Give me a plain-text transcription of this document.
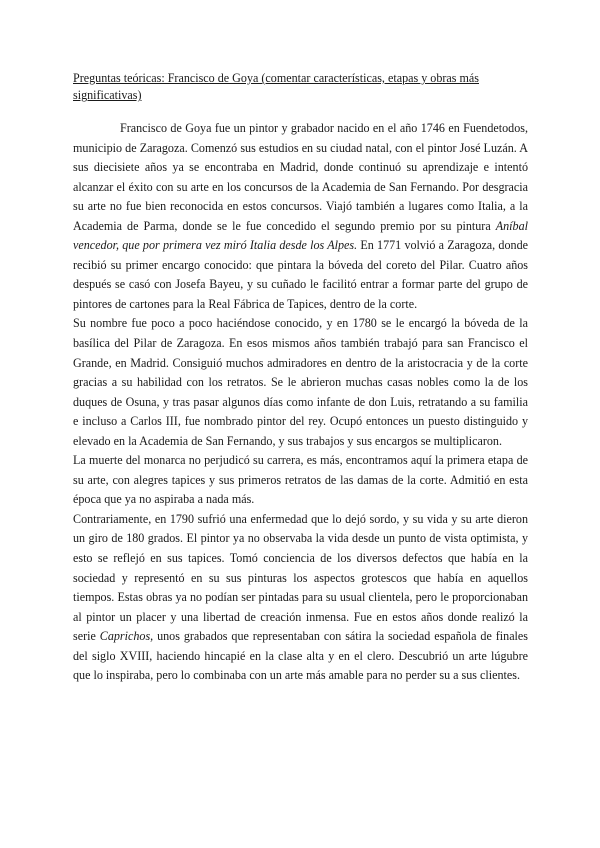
Preguntas teóricas: Francisco de Goya (comentar características, etapas y obras más significativas)

Francisco de Goya fue un pintor y grabador nacido en el año 1746 en Fuendetodos, municipio de Zaragoza. Comenzó sus estudios en su ciudad natal, con el pintor José Luzán. A sus diecisiete años ya se encontraba en Madrid, donde continuó su aprendizaje e intentó alcanzar el éxito con su arte en los concursos de la Academia de San Fernando. Por desgracia su arte no fue bien reconocida en estos concursos. Viajó también a lugares como Italia, a la Academia de Parma, donde se le fue concedido el segundo premio por su pintura Aníbal vencedor, que por primera vez miró Italia desde los Alpes. En 1771 volvió a Zaragoza, donde recibió su primer encargo conocido: que pintara la bóveda del coreto del Pilar. Cuatro años después se casó con Josefa Bayeu, y su cuñado le facilitó entrar a formar parte del grupo de pintores de cartones para la Real Fábrica de Tapices, dentro de la corte.

Su nombre fue poco a poco haciéndose conocido, y en 1780 se le encargó la bóveda de la basílica del Pilar de Zaragoza. En esos mismos años también trabajó para san Francisco el Grande, en Madrid. Consiguió muchos admiradores en dentro de la aristocracia y de la corte gracias a su habilidad con los retratos. Se le abrieron muchas casas nobles como la de los duques de Osuna, y tras pasar algunos días como infante de don Luis, retratando a su familia e incluso a Carlos III, fue nombrado pintor del rey. Ocupó entonces un puesto distinguido y elevado en la Academia de San Fernando, y sus trabajos y sus encargos se multiplicaron.

La muerte del monarca no perjudicó su carrera, es más, encontramos aquí la primera etapa de su arte, con alegres tapices y sus primeros retratos de las damas de la corte. Admitió en esta época que ya no aspiraba a nada más.

Contrariamente, en 1790 sufrió una enfermedad que lo dejó sordo, y su vida y su arte dieron un giro de 180 grados. El pintor ya no observaba la vida desde un punto de vista optimista, y esto se reflejó en sus tapices. Tomó conciencia de los diversos defectos que había en la sociedad y representó en su sus pinturas los aspectos grotescos que había en aquellos tiempos. Estas obras ya no podían ser pintadas para su usual clientela, pero le proporcionaban al pintor un placer y una libertad de creación inmensa. Fue en estos años donde realizó la serie Caprichos, unos grabados que representaban con sátira la sociedad española de finales del siglo XVIII, haciendo hincapié en la clase alta y en el clero. Descubrió un arte lúgubre que lo inspiraba, pero lo combinaba con un arte más amable para no perder su a sus clientes.
